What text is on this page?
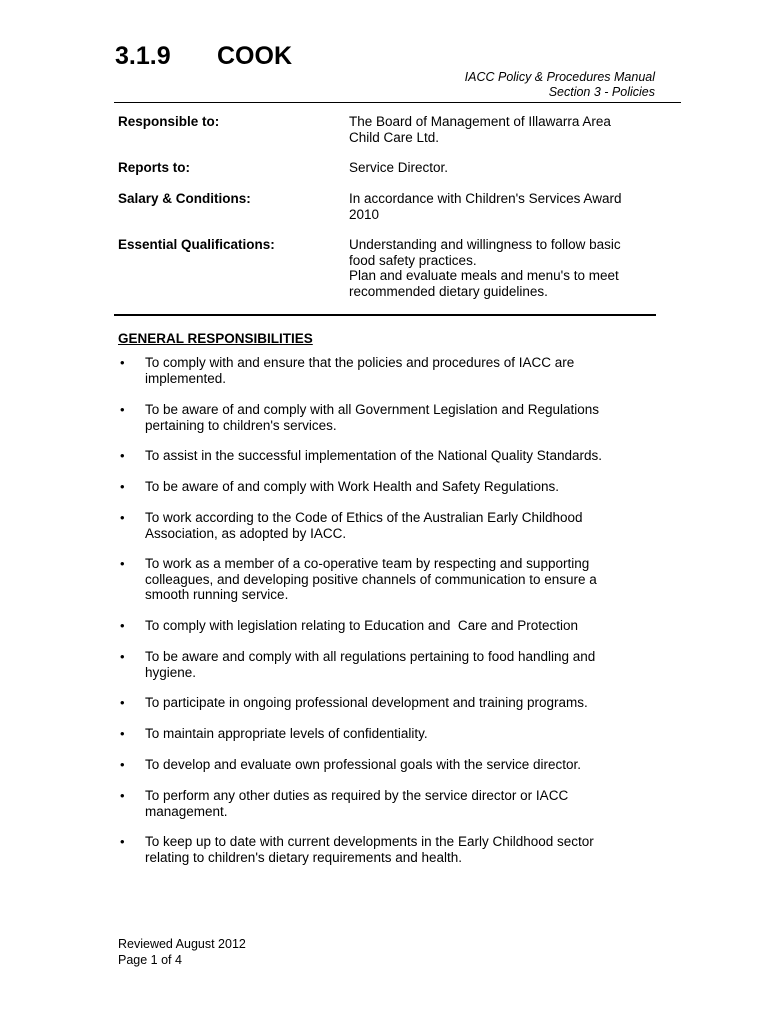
3.1.9 COOK
IACC Policy & Procedures Manual
Section 3 - Policies
Responsible to:	The Board of Management of Illawarra Area
Child Care Ltd.
Reports to:	Service Director.
Salary & Conditions:	In accordance with Children's Services Award
2010
Essential Qualifications:	Understanding and willingness to follow basic
food safety practices.
Plan and evaluate meals and menu's to meet
recommended dietary guidelines.
GENERAL RESPONSIBILITIES
• To comply with and ensure that the policies and procedures of IACC are implemented.
• To be aware of and comply with all Government Legislation and Regulations pertaining to children's services.
• To assist in the successful implementation of the National Quality Standards.
• To be aware of and comply with Work Health and Safety Regulations.
• To work according to the Code of Ethics of the Australian Early Childhood Association, as adopted by IACC.
• To work as a member of a co-operative team by respecting and supporting colleagues, and developing positive channels of communication to ensure a smooth running service.
• To comply with legislation relating to Education and  Care and Protection
• To be aware and comply with all regulations pertaining to food handling and hygiene.
• To participate in ongoing professional development and training programs.
• To maintain appropriate levels of confidentiality.
• To develop and evaluate own professional goals with the service director.
• To perform any other duties as required by the service director or IACC management.
• To keep up to date with current developments in the Early Childhood sector relating to children's dietary requirements and health.
Reviewed August 2012
Page 1 of 4
